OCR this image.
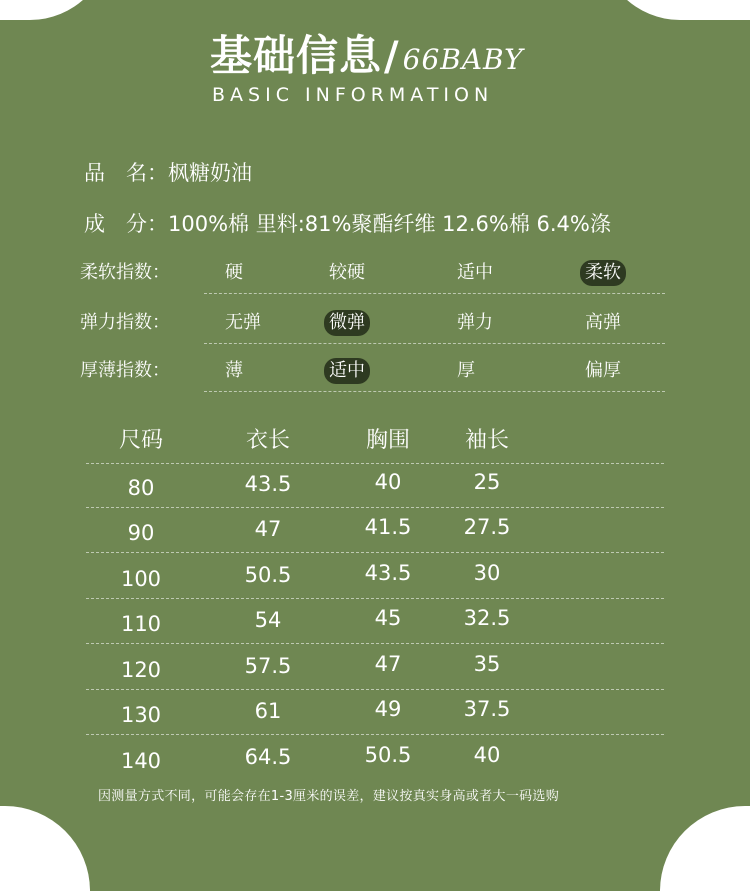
基础信息 / 66BABY
BASIC INFORMATION
品　名：枫糖奶油
成　分：100%棉 里料:81%聚酯纤维 12.6%棉 6.4%涤
柔软指数：	硬	较硬	适中	柔软
弹力指数：	无弹	微弹	弹力	高弹
厚薄指数：	薄	适中	厚	偏厚
尺码	衣长	胸围 袖长
80	43.5	40	25
90	47	41.5 27.5
100	50.5	43.5	30
110	54	45	32.5
120	57.5	47	35
130	61	49	37.5
140	64.5	50.5	40
因测量方式不同，可能会存在1-3厘米的误差，建议按真实身高或者大一码选购
